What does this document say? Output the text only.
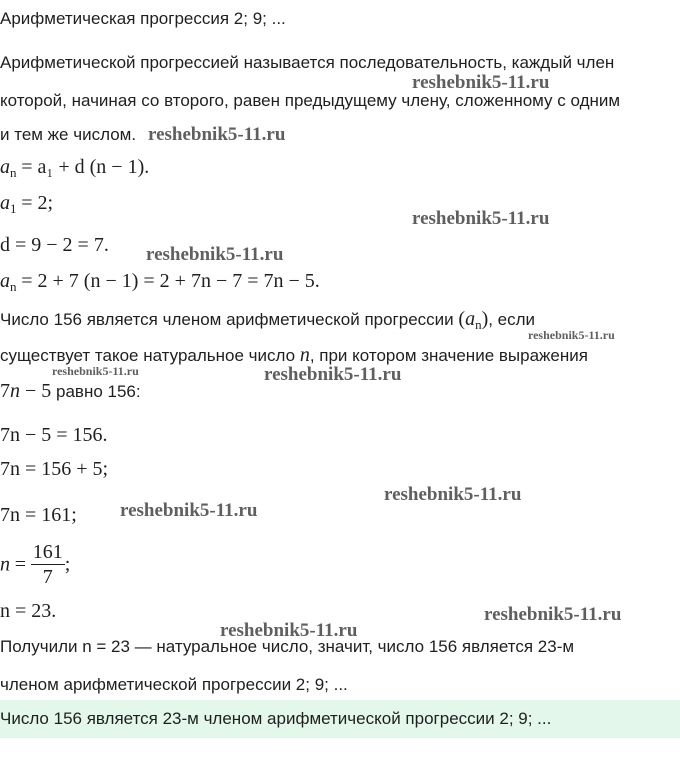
Арифметическая прогрессия 2; 9; ...
Арифметической прогрессией называется последовательность, каждый член
которой, начиная со второго, равен предыдущему члену, сложенному с одним
и тем же числом.
$a_n = a_1 + d$ (n − 1).
$a_1 = 2$;
d = 9 − 2 = 7.
$a_n = 2 + 7$ (n − 1) = 2 + 7n − 7 = 7n − 5.
Число 156 является членом арифметической прогрессии $(a_n)$, если
существует такое натуральное число n, при котором значение выражения
7n − 5 равно 156:
7n − 5 = 156.
7n = 156 + 5;
7n = 161;
$n = \frac{161}{7}$ ;
n = 23.
Получили n = 23 — натуральное число, значит, число 156 является 23-м
членом арифметической прогрессии 2; 9; ...
Число 156 является 23-м членом арифметической прогрессии 2; 9; ...
reshebnik5-11.ru
reshebnik5-11.ru
reshebnik5-11.ru
reshebnik5-11.ru
reshebnik5-11.ru
reshebnik5-11.ru	reshebnik5-11.ru
reshebnik5-11.ru
reshebnik5-11.ru
reshebnik5-11.ru
reshebnik5-11.ru
